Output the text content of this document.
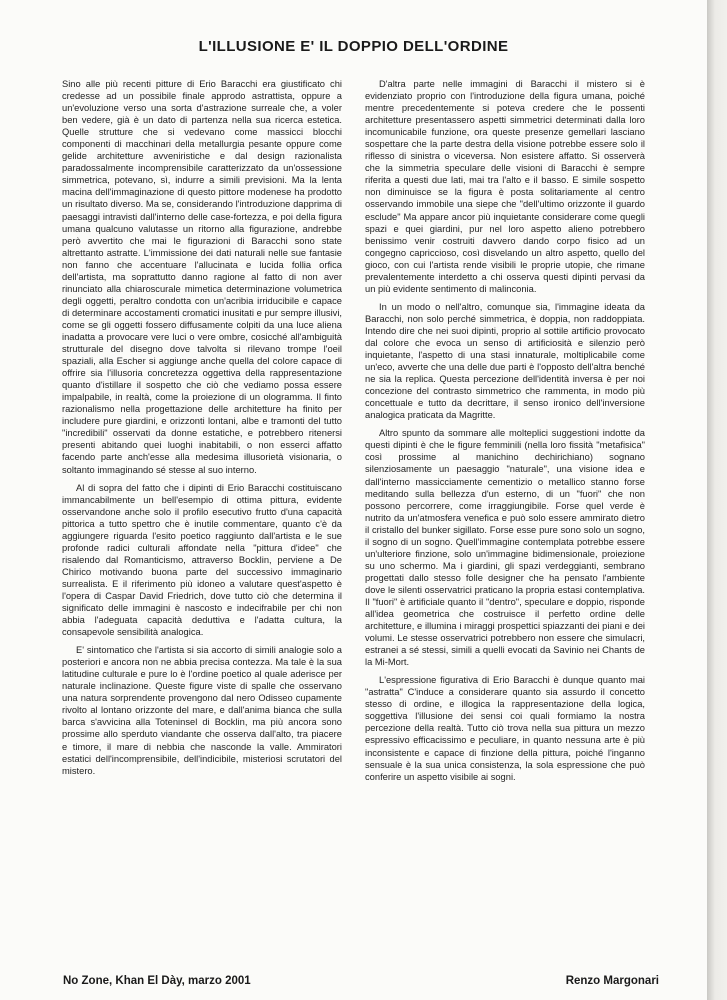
L'ILLUSIONE E' IL DOPPIO DELL'ORDINE

Sino alle più recenti pitture di Erio Baracchi era giustificato chi credesse ad un possibile finale approdo astrattista, oppure a un'evoluzione verso una sorta d'astrazione surreale che, a voler ben vedere, già è un dato di partenza nella sua ricerca estetica. Quelle strutture che si vedevano come massicci blocchi componenti di macchinari della metallurgia pesante oppure come gelide architetture avveniristiche e dal design razionalista paradossalmente incomprensibile caratterizzato da un'ossessione simmetrica, potevano, sì, indurre a simili previsioni. Ma la lenta macina dell'immaginazione di questo pittore modenese ha prodotto un risultato diverso. Ma se, considerando l'introduzione dapprima di paesaggi intravisti dall'interno delle case-fortezza, e poi della figura umana qualcuno valutasse un ritorno alla figurazione, andrebbe però avvertito che mai le figurazioni di Baracchi sono state altrettanto astratte. L'immissione dei dati naturali nelle sue fantasie non fanno che accentuare l'allucinata e lucida follia orfica dell'artista, ma soprattutto danno ragione al fatto di non aver rinunciato alla chiaroscurale mimetica determinazione volumetrica degli oggetti, peraltro condotta con un'acribia irriducibile e capace di determinare accostamenti cromatici inusitati e pur sempre illusivi, come se gli oggetti fossero diffusamente colpiti da una luce aliena inadatta a provocare vere luci o vere ombre, cosicché all'ambiguità strutturale del disegno dove talvolta si rilevano trompe l'oeil spaziali, alla Escher si aggiunge anche quella del colore capace di offrire sia l'illusoria concretezza oggettiva della rappresentazione quanto d'istillare il sospetto che ciò che vediamo possa essere impalpabile, in realtà, come la proiezione di un ologramma. Il finto razionalismo nella progettazione delle architetture ha finito per includere pure giardini, e orizzonti lontani, albe e tramonti del tutto "incredibili" osservati da donne estatiche, e potrebbero ritenersi presenti abitando quei luoghi inabitabili, o non esserci affatto facendo parte anch'esse alla medesima illusorietà visionaria, o soltanto immaginando sé stesse al suo interno.

Al di sopra del fatto che i dipinti di Erio Baracchi costituiscano immancabilmente un bell'esempio di ottima pittura, evidente osservandone anche solo il profilo esecutivo frutto d'una capacità pittorica a tutto spettro che è inutile commentare, quanto c'è da aggiungere riguarda l'esito poetico raggiunto dall'artista e le sue profonde radici culturali affondate nella "pittura d'idee" che risalendo dal Romanticismo, attraverso Bocklin, perviene a De Chirico motivando buona parte del successivo immaginario surrealista. E il riferimento più idoneo a valutare quest'aspetto è l'opera di Caspar David Friedrich, dove tutto ciò che determina il significato delle immagini è nascosto e indecifrabile per chi non abbia l'adeguata capacità deduttiva e l'adatta cultura, la consapevole sensibilità analogica.

E' sintomatico che l'artista si sia accorto di simili analogie solo a posteriori e ancora non ne abbia precisa contezza. Ma tale è la sua latitudine culturale e pure lo è l'ordine poetico al quale aderisce per naturale inclinazione. Queste figure viste di spalle che osservano una natura sorprendente provengono dal nero Odisseo cupamente rivolto al lontano orizzonte del mare, e dall'anima bianca che sulla barca s'avvicina alla Toteninsel di Bocklin, ma più ancora sono prossime allo sperduto viandante che osserva dall'alto, tra piacere e timore, il mare di nebbia che nasconde la valle. Ammiratori estatici dell'incomprensibile, dell'indicibile, misteriosi scrutatori del mistero.

D'altra parte nelle immagini di Baracchi il mistero si è evidenziato proprio con l'introduzione della figura umana, poiché mentre precedentemente si poteva credere che le possenti architetture presentassero aspetti simmetrici determinati dalla loro incomunicabile funzione, ora queste presenze gemellari lasciano sospettare che la parte destra della visione potrebbe essere solo il riflesso di sinistra o viceversa. Non esistere affatto. Si osserverà che la simmetria speculare delle visioni di Baracchi è sempre riferita a questi due lati, mai tra l'alto e il basso. E simile sospetto non diminuisce se la figura è posta solitariamente al centro osservando immobile una siepe che "dell'ultimo orizzonte il guardo esclude" Ma appare ancor più inquietante considerare come quegli spazi e quei giardini, pur nel loro aspetto alieno potrebbero benissimo venir costruiti davvero dando corpo fisico ad un congegno capriccioso, così disvelando un altro aspetto, quello del gioco, con cui l'artista rende visibili le proprie utopie, che rimane prevalentemente interdetto a chi osserva questi dipinti pervasi da un più evidente sentimento di malinconia.

In un modo o nell'altro, comunque sia, l'immagine ideata da Baracchi, non solo perché simmetrica, è doppia, non raddoppiata. Intendo dire che nei suoi dipinti, proprio al sottile artificio provocato dal colore che evoca un senso di artificiosità e silenzio però inquietante, l'aspetto di una stasi innaturale, moltiplicabile come un'eco, avverte che una delle due parti è l'opposto dell'altra benché ne sia la replica. Questa percezione dell'identità inversa è per noi concezione del contrasto simmetrico che rammenta, in modo più concettuale e tutto da decrittare, il senso ironico dell'inversione analogica praticata da Magritte.

Altro spunto da sommare alle molteplici suggestioni indotte da questi dipinti è che le figure femminili (nella loro fissità "metafisica" così prossime al manichino dechirichiano) sognano silenziosamente un paesaggio "naturale", una visione idea e dall'interno massicciamente cementizio o metallico stanno forse meditando sulla bellezza d'un esterno, di un "fuori" che non possono percorrere, come irraggiungibile. Forse quel verde è nutrito da un'atmosfera venefica e può solo essere ammirato dietro il cristallo del bunker sigillato. Forse esse pure sono solo un sogno, il sogno di un sogno. Quell'immagine contemplata potrebbe essere un'ulteriore finzione, solo un'immagine bidimensionale, proiezione su uno schermo. Ma i giardini, gli spazi verdeggianti, sembrano progettati dallo stesso folle designer che ha pensato l'ambiente dove le silenti osservatrici praticano la propria estasi contemplativa. Il "fuori" è artificiale quanto il "dentro", speculare e doppio, risponde all'idea geometrica che costruisce il perfetto ordine delle architetture, e illumina i miraggi prospettici spiazzanti dei piani e dei volumi. Le stesse osservatrici potrebbero non essere che simulacri, estranei a sé stessi, simili a quelli evocati da Savinio nei Chants de la Mi-Mort.

L'espressione figurativa di Erio Baracchi è dunque quanto mai "astratta" C'induce a considerare quanto sia assurdo il concetto stesso di ordine, e illogica la rappresentazione della logica, soggettiva l'illusione dei sensi coi quali formiamo la nostra percezione della realtà. Tutto ciò trova nella sua pittura un mezzo espressivo efficacissimo e peculiare, in quanto nessuna arte è più inconsistente e capace di finzione della pittura, poiché l'inganno sensuale è la sua unica consistenza, la sola espressione che può conferire un aspetto visibile ai sogni.

No Zone, Khan El Dày, marzo 2001	Renzo Margonari
